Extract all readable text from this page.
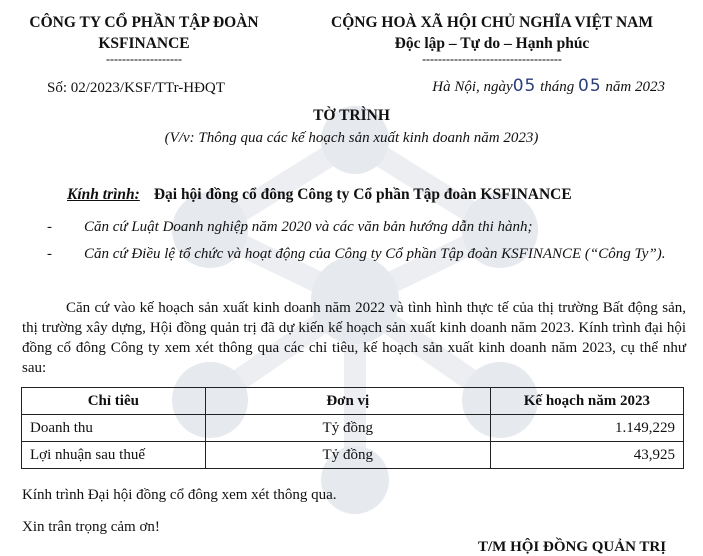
CÔNG TY CỔ PHẦN TẬP ĐOÀN
KSFINANCE
-------------------
CỘNG HOÀ XÃ HỘI CHỦ NGHĨA VIỆT NAM
Độc lập – Tự do – Hạnh phúc
-----------------------------------
Số: 02/2023/KSF/TTr-HĐQT	Hà Nội, ngày05 tháng 05 năm 2023
TỜ TRÌNH
(V/v: Thông qua các kế hoạch sản xuất kinh doanh năm 2023)
Kính trình: Đại hội đồng cổ đông Công ty Cổ phần Tập đoàn KSFINANCE
- Căn cứ Luật Doanh nghiệp năm 2020 và các văn bản hướng dẫn thi hành;
- Căn cứ Điều lệ tổ chức và hoạt động của Công ty Cổ phần Tập đoàn KSFINANCE (“Công Ty”).
Căn cứ vào kế hoạch sản xuất kinh doanh năm 2022 và tình hình thực tế của thị trường Bất động sản, thị trường xây dựng, Hội đồng quản trị đã dự kiến kế hoạch sản xuất kinh doanh năm 2023. Kính trình đại hội đồng cổ đông Công ty xem xét thông qua các chỉ tiêu, kế hoạch sản xuất kinh doanh năm 2023, cụ thể như sau:
Chỉ tiêu	Đơn vị	Kế hoạch năm 2023
Doanh thu	Tỷ đồng	1.149,229
Lợi nhuận sau thuế	Tỷ đồng	43,925
Kính trình Đại hội đồng cổ đông xem xét thông qua.
Xin trân trọng cảm ơn!
T/M HỘI ĐỒNG QUẢN TRỊ
